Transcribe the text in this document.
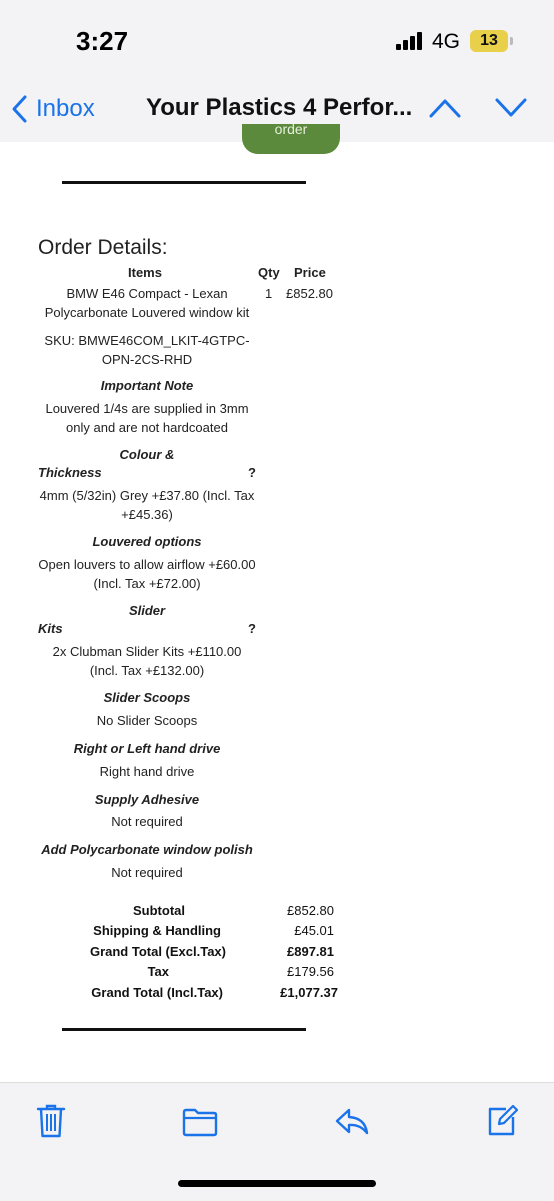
3:27	4G	13
Inbox Your Plastics 4 Perfor...
order
Order Details:
Items	Qty Price
BMW E46 Compact - Lexan
Polycarbonate Louvered window kit
1 £852.80
SKU: BMWE46COM_LKIT-4GTPC-
OPN-2CS-RHD
Important Note
Louvered 1/4s are supplied in 3mm
only and are not hardcoated
Colour &
Thickness	?
4mm (5/32in) Grey +£37.80 (Incl. Tax
+£45.36)
Louvered options
Open louvers to allow airflow +£60.00
(Incl. Tax +£72.00)
Slider
Kits	?
2x Clubman Slider Kits +£110.00
(Incl. Tax +£132.00)
Slider Scoops
No Slider Scoops
Right or Left hand drive
Right hand drive
Supply Adhesive
Not required
Add Polycarbonate window polish
Not required
Subtotal	£852.80
Shipping & Handling	£45.01
Grand Total (Excl.Tax)	£897.81
Tax	£179.56
Grand Total (Incl.Tax)	£1,077.37
